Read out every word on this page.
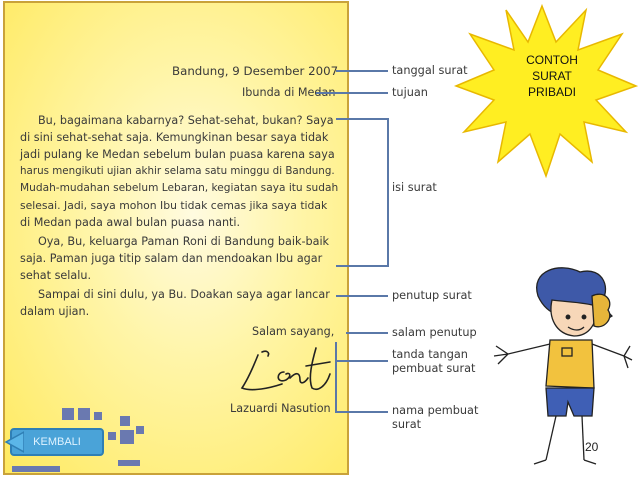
Bandung, 9 Desember 2007
Ibunda di Medan
Bu, bagaimana kabarnya? Sehat-sehat, bukan? Saya
di sini sehat-sehat saja. Kemungkinan besar saya tidak
jadi pulang ke Medan sebelum bulan puasa karena saya
harus mengikuti ujian akhir selama satu minggu di Bandung.
Mudah-mudahan sebelum Lebaran, kegiatan saya itu sudah
selesai. Jadi, saya mohon Ibu tidak cemas jika saya tidak
di Medan pada awal bulan puasa nanti.
Oya, Bu, keluarga Paman Roni di Bandung baik-baik
saja. Paman juga titip salam dan mendoakan Ibu agar
sehat selalu.
Sampai di sini dulu, ya Bu. Doakan saya agar lancar
dalam ujian.
Salam sayang,
Lazuardi Nasution
tanggal surat
tujuan
isi surat
penutup surat
salam penutup
tanda tangan pembuat surat
nama pembuat surat
CONTOH
SURAT
PRIBADI
KEMBALI	20
